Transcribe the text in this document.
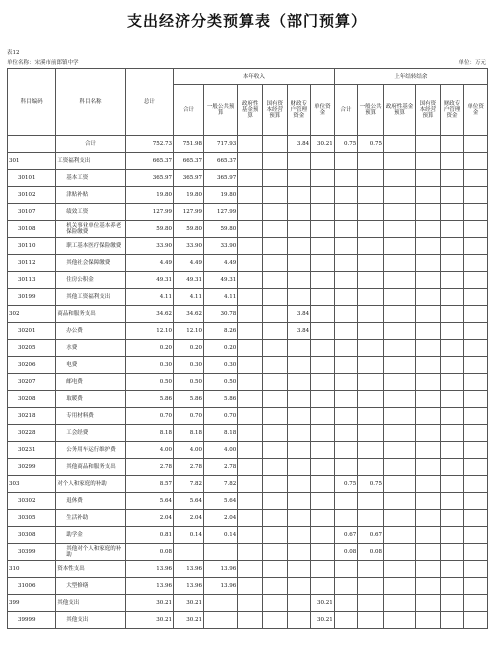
支出经济分类预算表（部门预算）
表12
单位名称：宋溪市前郎镇中学	单位：万元
科目编码	科目名称	总计	本年收入						上年结转结余					
			合计	一般公共预算	政府性基金预算	国有资本经营预算	财政专户管理资金	单位资金	合计	一般公共预算	政府性基金预算	国有资本经营预算	财政专户管理资金	单位资金
	合计	752.73	751.98	717.93			3.84	30.21	0.75	0.75				
301	工资福利支出	665.37	665.37	665.37										
30101	基本工资	365.97	365.97	365.97										
30102	津贴补贴	19.80	19.80	19.80										
30107	绩效工资	127.99	127.99	127.99										
30108	机关事业单位基本养老保险缴费	59.80	59.80	59.80										
30110	职工基本医疗保险缴费	33.90	33.90	33.90										
30112	其他社会保障缴费	4.49	4.49	4.49										
30113	住房公积金	49.31	49.31	49.31										
30199	其他工资福利支出	4.11	4.11	4.11										
302	商品和服务支出	34.62	34.62	30.78			3.84							
30201	办公费	12.10	12.10	8.26			3.84							
30205	水费	0.20	0.20	0.20										
30206	电费	0.30	0.30	0.30										
30207	邮电费	0.50	0.50	0.50										
30208	取暖费	5.86	5.86	5.86										
30218	专用材料费	0.70	0.70	0.70										
30228	工会经费	8.18	8.18	8.18										
30231	公务用车运行维护费	4.00	4.00	4.00										
30299	其他商品和服务支出	2.78	2.78	2.78										
303	对个人和家庭的补助	8.57	7.82	7.82					0.75	0.75				
30302	退休费	5.64	5.64	5.64										
30305	生活补助	2.04	2.04	2.04										
30308	助学金	0.81	0.14	0.14					0.67	0.67				
30399	其他对个人和家庭的补助	0.08							0.08	0.08				
310	资本性支出	13.96	13.96	13.96										
31006	大型修缮	13.96	13.96	13.96										
399	其他支出	30.21	30.21					30.21						
39999	其他支出	30.21	30.21					30.21						
